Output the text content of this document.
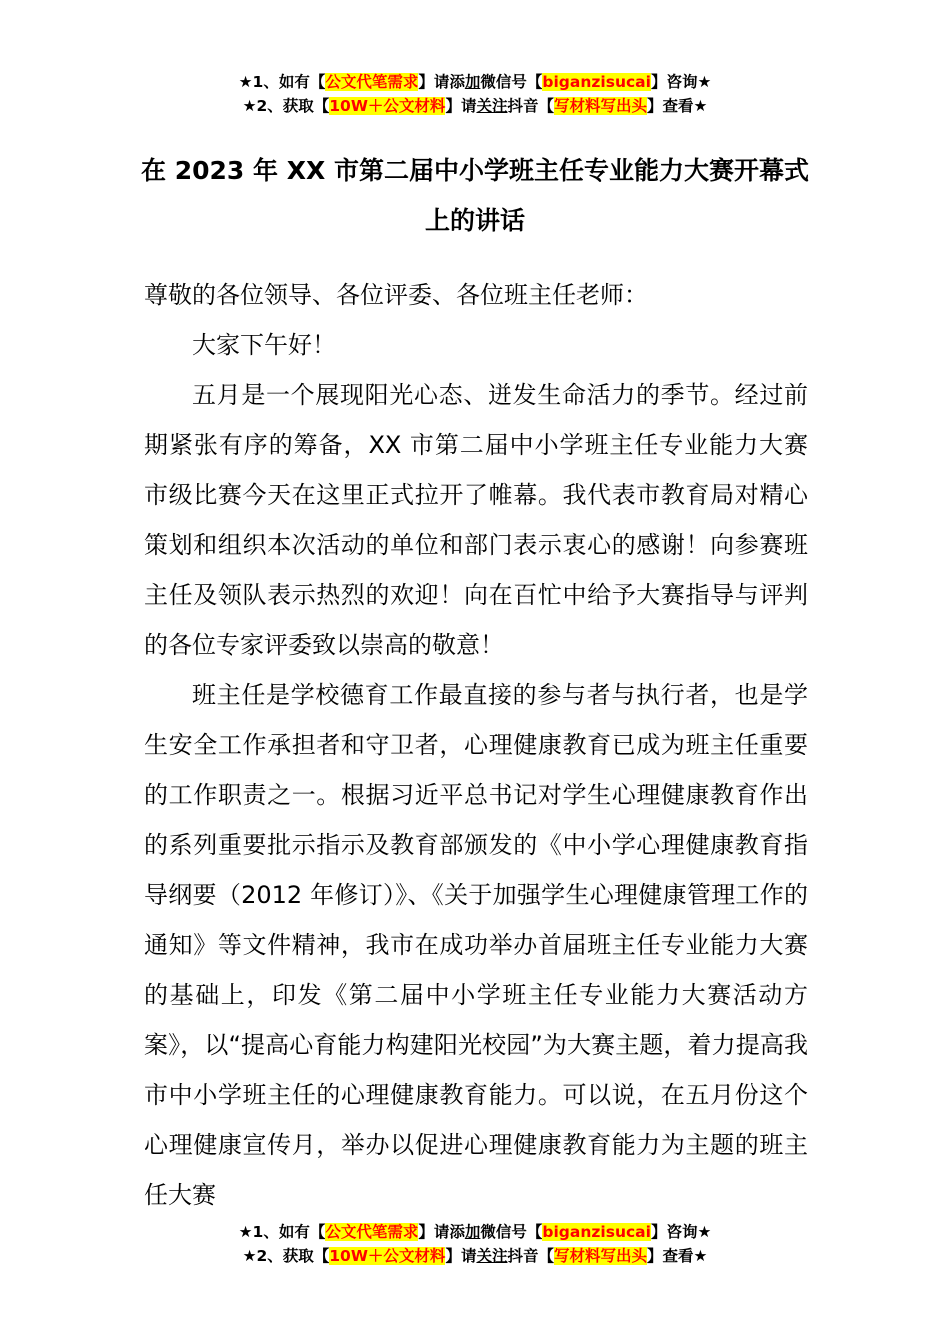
★1、如有【公文代笔需求】请添加微信号【biganzisucai】咨询★
★2、获取【10W＋公文材料】请关注抖音【写材料写出头】查看★
在 2023 年 XX 市第二届中小学班主任专业能力大赛开幕式上的讲话

尊敬的各位领导、各位评委、各位班主任老师：

大家下午好！

五月是一个展现阳光心态、迸发生命活力的季节。经过前期紧张有序的筹备，XX 市第二届中小学班主任专业能力大赛市级比赛今天在这里正式拉开了帷幕。我代表市教育局对精心策划和组织本次活动的单位和部门表示衷心的感谢！向参赛班主任及领队表示热烈的欢迎！向在百忙中给予大赛指导与评判的各位专家评委致以崇高的敬意！

班主任是学校德育工作最直接的参与者与执行者，也是学生安全工作承担者和守卫者，心理健康教育已成为班主任重要的工作职责之一。根据习近平总书记对学生心理健康教育作出的系列重要批示指示及教育部颁发的《中小学心理健康教育指导纲要（2012 年修订）》、《关于加强学生心理健康管理工作的通知》等文件精神，我市在成功举办首届班主任专业能力大赛的基础上，印发《第二届中小学班主任专业能力大赛活动方案》，以“提高心育能力构建阳光校园”为大赛主题，着力提高我市中小学班主任的心理健康教育能力。可以说，在五月份这个心理健康宣传月，举办以促进心理健康教育能力为主题的班主任大赛

★1、如有【公文代笔需求】请添加微信号【biganzisucai】咨询★
★2、获取【10W＋公文材料】请关注抖音【写材料写出头】查看★
